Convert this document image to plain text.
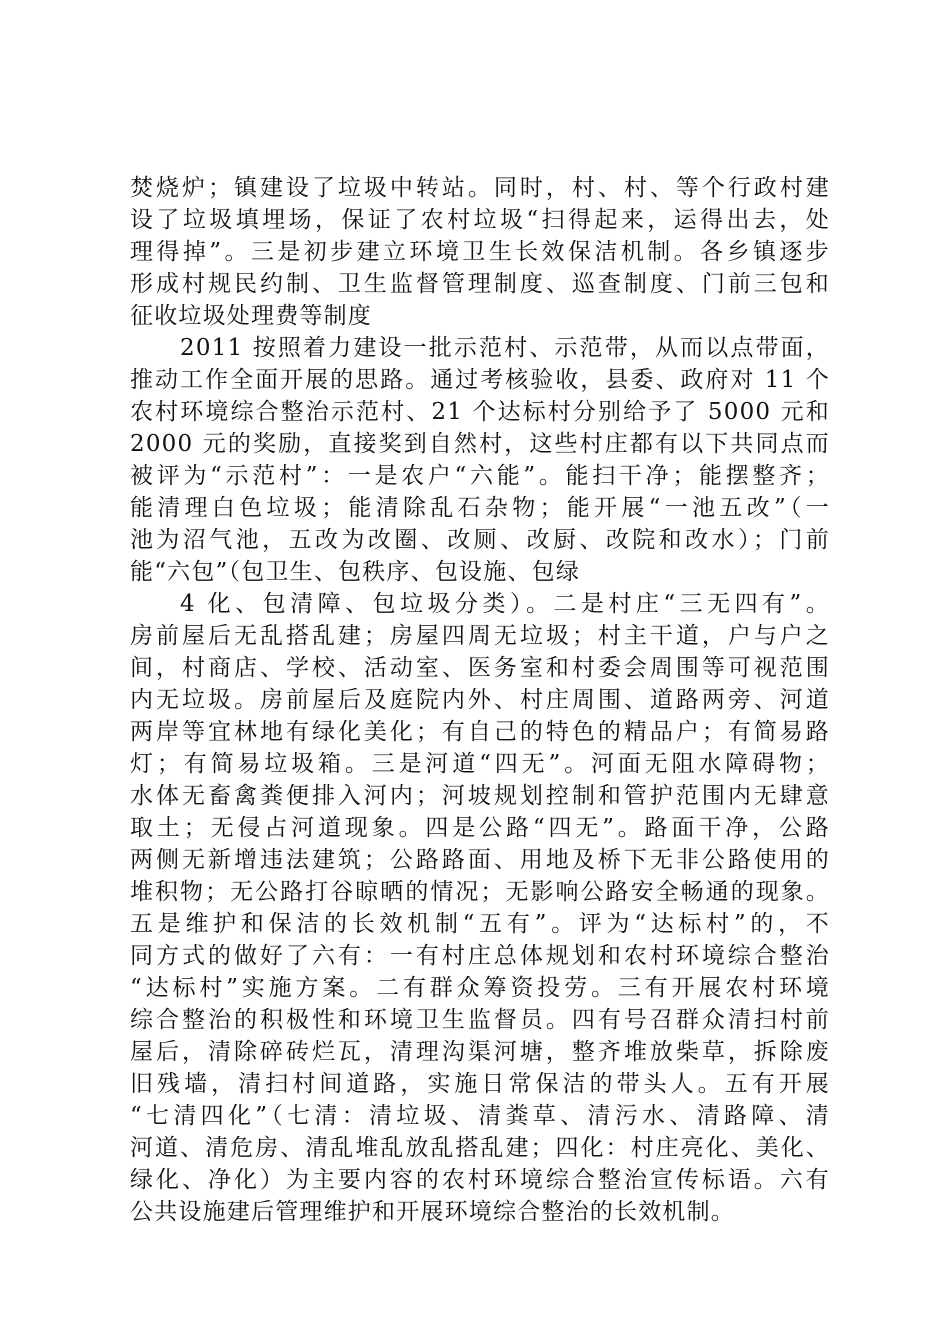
焚烧炉；镇建设了垃圾中转站。同时，村、村、等个行政村建
设了垃圾填埋场，保证了农村垃圾“扫得起来，运得出去，处
理得掉”。三是初步建立环境卫生长效保洁机制。各乡镇逐步
形成村规民约制、卫生监督管理制度、巡查制度、门前三包和
征收垃圾处理费等制度
2011 按照着力建设一批示范村、示范带，从而以点带面，
推动工作全面开展的思路。通过考核验收，县委、政府对 11 个
农村环境综合整治示范村、21 个达标村分别给予了 5000 元和
2000 元的奖励，直接奖到自然村，这些村庄都有以下共同点而
被评为“示范村”：一是农户“六能”。能扫干净；能摆整齐；
能清理白色垃圾；能清除乱石杂物；能开展“一池五改”（一
池为沼气池，五改为改圈、改厕、改厨、改院和改水）；门前
能“六包”（包卫生、包秩序、包设施、包绿
4 化、包清障、包垃圾分类）。二是村庄“三无四有”。
房前屋后无乱搭乱建；房屋四周无垃圾；村主干道，户与户之
间，村商店、学校、活动室、医务室和村委会周围等可视范围
内无垃圾。房前屋后及庭院内外、村庄周围、道路两旁、河道
两岸等宜林地有绿化美化；有自己的特色的精品户；有简易路
灯；有简易垃圾箱。三是河道“四无”。河面无阻水障碍物；
水体无畜禽粪便排入河内；河坡规划控制和管护范围内无肆意
取土；无侵占河道现象。四是公路“四无”。路面干净，公路
两侧无新增违法建筑；公路路面、用地及桥下无非公路使用的
堆积物；无公路打谷晾晒的情况；无影响公路安全畅通的现象。
五是维护和保洁的长效机制“五有”。评为“达标村”的，不
同方式的做好了六有：一有村庄总体规划和农村环境综合整治
“达标村”实施方案。二有群众筹资投劳。三有开展农村环境
综合整治的积极性和环境卫生监督员。四有号召群众清扫村前
屋后，清除碎砖烂瓦，清理沟渠河塘，整齐堆放柴草，拆除废
旧残墙，清扫村间道路，实施日常保洁的带头人。五有开展
“七清四化”（七清：清垃圾、清粪草、清污水、清路障、清
河道、清危房、清乱堆乱放乱搭乱建；四化：村庄亮化、美化、
绿化、净化）为主要内容的农村环境综合整治宣传标语。六有
公共设施建后管理维护和开展环境综合整治的长效机制。
